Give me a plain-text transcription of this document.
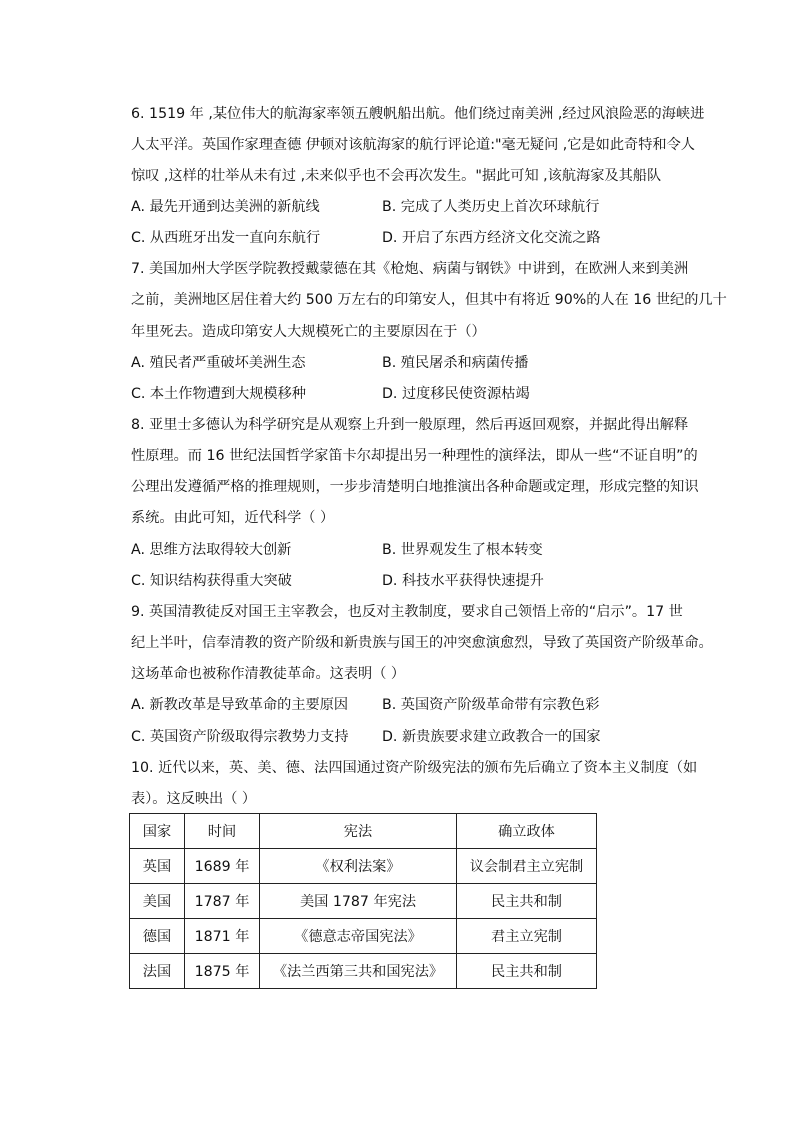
6. 1519 年 ,某位伟大的航海家率领五艘帆船出航。他们绕过南美洲 ,经过风浪险恶的海峡进
人太平洋。英国作家理查德 伊顿对该航海家的航行评论道:"毫无疑问 ,它是如此奇特和令人
惊叹 ,这样的壮举从未有过 ,未来似乎也不会再次发生。"据此可知 ,该航海家及其船队
A. 最先开通到达美洲的新航线	B. 完成了人类历史上首次环球航行
C. 从西班牙出发一直向东航行	D. 开启了东西方经济文化交流之路
7. 美国加州大学医学院教授戴蒙德在其《枪炮、病菌与钢铁》中讲到，在欧洲人来到美洲
之前，美洲地区居住着大约 500 万左右的印第安人，但其中有将近 90%的人在 16 世纪的几十
年里死去。造成印第安人大规模死亡的主要原因在于（）
A. 殖民者严重破坏美洲生态	B. 殖民屠杀和病菌传播
C. 本土作物遭到大规模移种	D. 过度移民使资源枯竭
8. 亚里士多德认为科学研究是从观察上升到一般原理，然后再返回观察，并据此得出解释
性原理。而 16 世纪法国哲学家笛卡尔却提出另一种理性的演绎法，即从一些“不证自明”的
公理出发遵循严格的推理规则，一步步清楚明白地推演出各种命题或定理，形成完整的知识
系统。由此可知，近代科学（ ）
A. 思维方法取得较大创新	B. 世界观发生了根本转变
C. 知识结构获得重大突破	D. 科技水平获得快速提升
9. 英国清教徒反对国王主宰教会，也反对主教制度，要求自己领悟上帝的“启示”。17 世
纪上半叶，信奉清教的资产阶级和新贵族与国王的冲突愈演愈烈，导致了英国资产阶级革命。
这场革命也被称作清教徒革命。这表明（ ）
A. 新教改革是导致革命的主要原因 B. 英国资产阶级革命带有宗教色彩
C. 英国资产阶级取得宗教势力支持 D. 新贵族要求建立政教合一的国家
10. 近代以来，英、美、德、法四国通过资产阶级宪法的颁布先后确立了资本主义制度（如
表）。这反映出（ ）
国家	时间	宪法	确立政体
英国	1689 年	《权利法案》	议会制君主立宪制
美国	1787 年	美国 1787 年宪法	民主共和制
德国	1871 年	《德意志帝国宪法》	君主立宪制
法国	1875 年	《法兰西第三共和国宪法》	民主共和制
